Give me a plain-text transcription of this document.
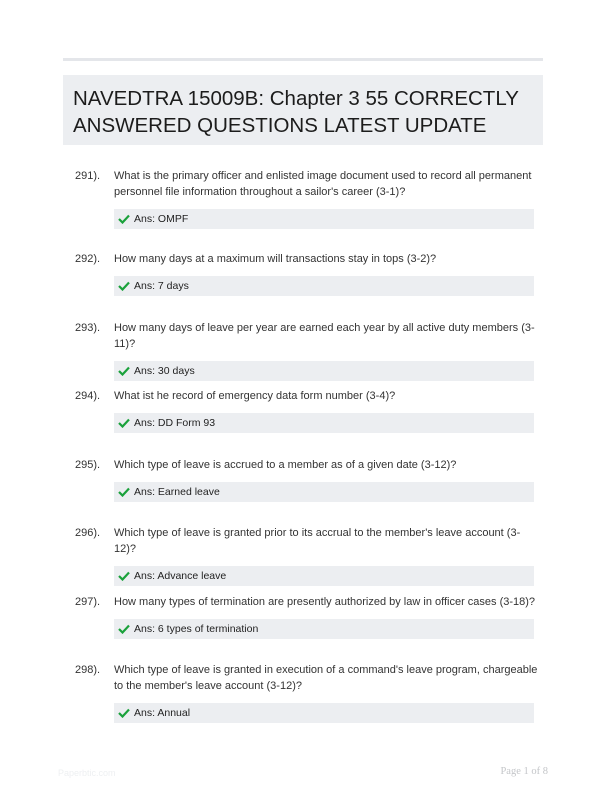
NAVEDTRA 15009B: Chapter 3 55 CORRECTLY ANSWERED QUESTIONS LATEST UPDATE
291).	What is the primary officer and enlisted image document used to record all permanent personnel file information throughout a sailor's career (3-1)?
Ans: OMPF
292).	How many days at a maximum will transactions stay in tops (3-2)?
Ans: 7 days
293).	How many days of leave per year are earned each year by all active duty members (3-11)?
Ans: 30 days
294).	What ist he record of emergency data form number (3-4)?
Ans: DD Form 93
295).	Which type of leave is accrued to a member as of a given date (3-12)?
Ans: Earned leave
296).	Which type of leave is granted prior to its accrual to the member's leave account (3-12)?
Ans: Advance leave
297).	How many types of termination are presently authorized by law in officer cases (3-18)?
Ans: 6 types of termination
298).	Which type of leave is granted in execution of a command's leave program, chargeable to the member's leave account (3-12)?
Ans: Annual
Paperbtic.com	Page 1 of 8
